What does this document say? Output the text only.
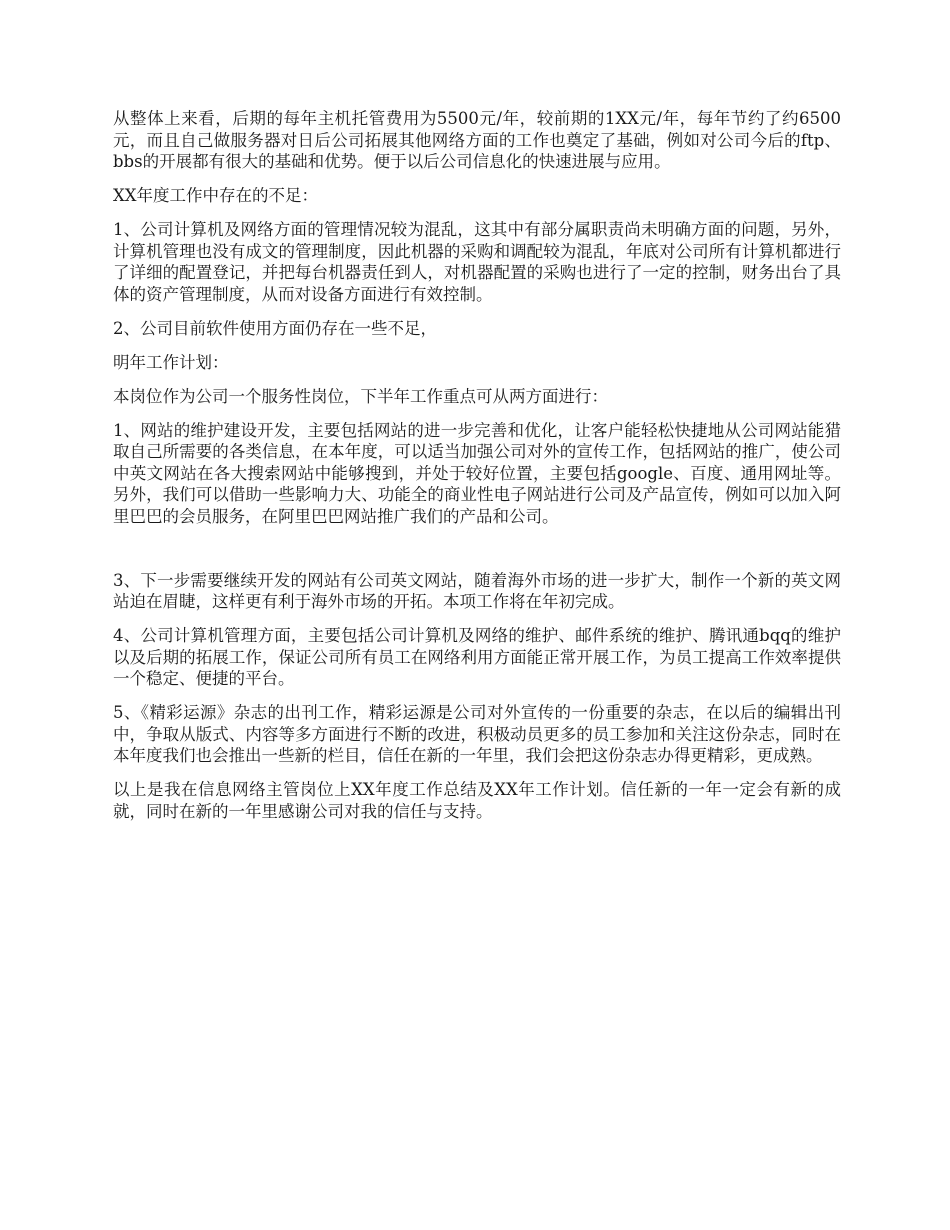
从整体上来看，后期的每年主机托管费用为5500元/年，较前期的1XX元/年，每年节约了约6500元，而且自己做服务器对日后公司拓展其他网络方面的工作也奠定了基础，例如对公司今后的ftp、bbs的开展都有很大的基础和优势。便于以后公司信息化的快速进展与应用。

XX年度工作中存在的不足：

1、公司计算机及网络方面的管理情况较为混乱，这其中有部分属职责尚未明确方面的问题，另外，计算机管理也没有成文的管理制度，因此机器的采购和调配较为混乱，年底对公司所有计算机都进行了详细的配置登记，并把每台机器责任到人，对机器配置的采购也进行了一定的控制，财务出台了具体的资产管理制度，从而对设备方面进行有效控制。

2、公司目前软件使用方面仍存在一些不足，

明年工作计划：

本岗位作为公司一个服务性岗位，下半年工作重点可从两方面进行：

1、网站的维护建设开发，主要包括网站的进一步完善和优化，让客户能轻松快捷地从公司网站能猎取自己所需要的各类信息，在本年度，可以适当加强公司对外的宣传工作，包括网站的推广，使公司中英文网站在各大搜索网站中能够搜到，并处于较好位置，主要包括google、百度、通用网址等。另外，我们可以借助一些影响力大、功能全的商业性电子网站进行公司及产品宣传，例如可以加入阿里巴巴的会员服务，在阿里巴巴网站推广我们的产品和公司。

3、下一步需要继续开发的网站有公司英文网站，随着海外市场的进一步扩大，制作一个新的英文网站迫在眉睫，这样更有利于海外市场的开拓。本项工作将在年初完成。

4、公司计算机管理方面，主要包括公司计算机及网络的维护、邮件系统的维护、腾讯通bqq的维护以及后期的拓展工作，保证公司所有员工在网络利用方面能正常开展工作，为员工提高工作效率提供一个稳定、便捷的平台。

5、《精彩运源》杂志的出刊工作，精彩运源是公司对外宣传的一份重要的杂志，在以后的编辑出刊中，争取从版式、内容等多方面进行不断的改进，积极动员更多的员工参加和关注这份杂志，同时在本年度我们也会推出一些新的栏目，信任在新的一年里，我们会把这份杂志办得更精彩，更成熟。

以上是我在信息网络主管岗位上XX年度工作总结及XX年工作计划。信任新的一年一定会有新的成就，同时在新的一年里感谢公司对我的信任与支持。
